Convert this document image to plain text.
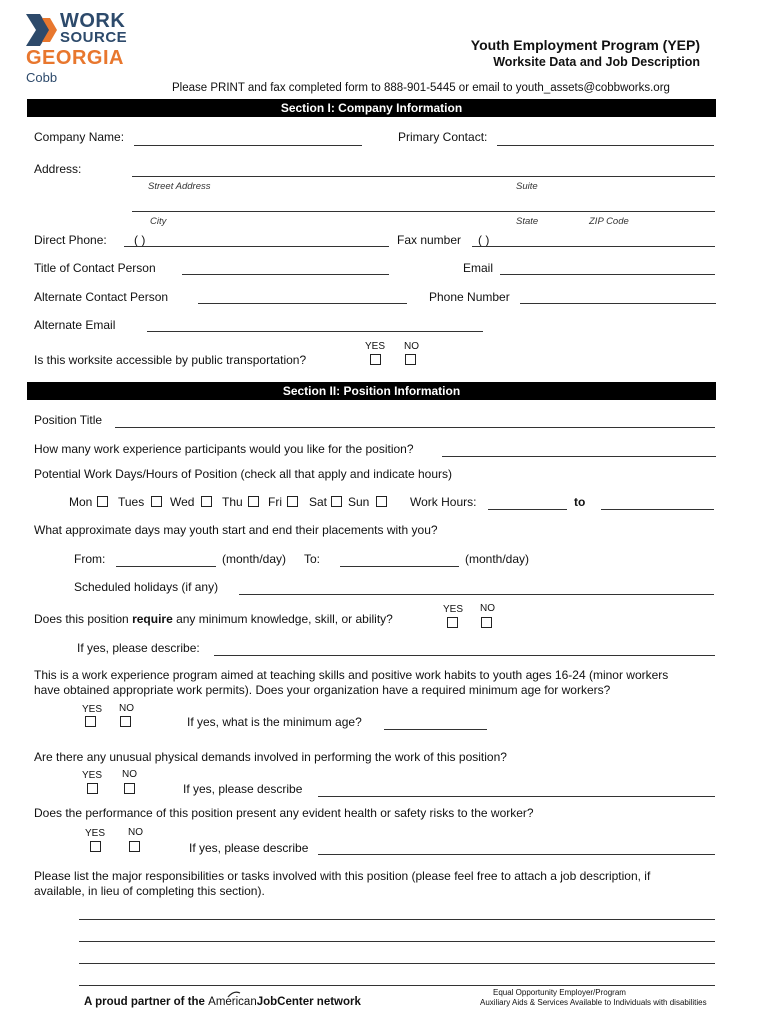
WORK
SOURCE
GEORGIA
Cobb
Youth Employment Program (YEP)
Worksite Data and Job Description
Please PRINT and fax completed form to 888-901-5445 or email to youth_assets@cobbworks.org
Section I: Company Information
Company Name:	Primary Contact:
Address:
Street Address	Suite
City	State	ZIP Code
Direct Phone: ( )	Fax number ( )
Title of Contact Person	Email
Alternate Contact Person	Phone Number
Alternate Email
Is this worksite accessible by public transportation?
YES NO
Section II: Position Information
Position Title
How many work experience participants would you like for the position?
Potential Work Days/Hours of Position (check all that apply and indicate hours)
Mon Tues Wed Thu Fri Sat Sun	Work Hours:	to
What approximate days may youth start and end their placements with you?
From:	(month/day) To:	(month/day)
Scheduled holidays (if any)
Does this position require any minimum knowledge, skill, or ability?
YES NO
If yes, please describe:
This is a work experience program aimed at teaching skills and positive work habits to youth ages 16-24 (minor workers
have obtained appropriate work permits). Does your organization have a required minimum age for workers?
YES NO
If yes, what is the minimum age?
Are there any unusual physical demands involved in performing the work of this position?
YES NO
If yes, please describe
Does the performance of this position present any evident health or safety risks to the worker?
YES NO
If yes, please describe
Please list the major responsibilities or tasks involved with this position (please feel free to attach a job description, if
available, in lieu of completing this section).
A proud partner of the AmericanJobCenter network
Equal Opportunity Employer/Program
Auxiliary Aids & Services Available to Individuals with disabilities
